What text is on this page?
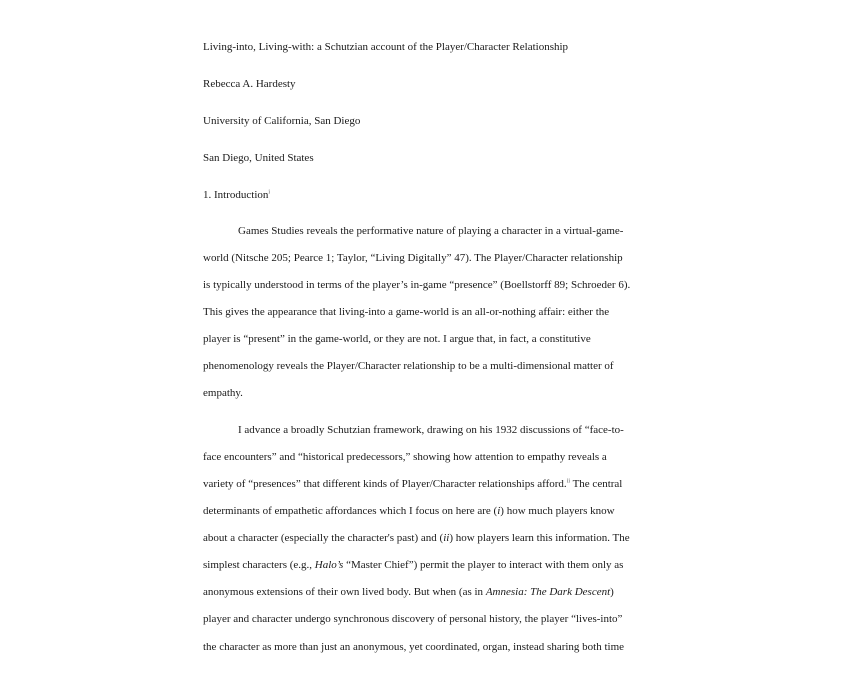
Living-into, Living-with: a Schutzian account of the Player/Character Relationship
Rebecca A. Hardesty
University of California, San Diego
San Diego, United States
1. Introduction$^i$
Games Studies reveals the performative nature of playing a character in a virtual-game-
world (Nitsche 205; Pearce 1; Taylor, “Living Digitally” 47). The Player/Character relationship
is typically understood in terms of the player’s in-game “presence” (Boellstorff 89; Schroeder 6).
This gives the appearance that living-into a game-world is an all-or-nothing affair: either the
player is “present” in the game-world, or they are not. I argue that, in fact, a constitutive
phenomenology reveals the Player/Character relationship to be a multi-dimensional matter of
empathy.
I advance a broadly Schutzian framework, drawing on his 1932 discussions of “face-to-
face encounters” and “historical predecessors,” showing how attention to empathy reveals a
variety of “presences” that different kinds of Player/Character relationships afford.$^{ii}$ The central
determinants of empathetic affordances which I focus on here are (i) how much players know
about a character (especially the character's past) and (ii) how players learn this information. The
simplest characters (e.g., Halo’s “Master Chief”) permit the player to interact with them only as
anonymous extensions of their own lived body. But when (as in Amnesia: The Dark Descent)
player and character undergo synchronous discovery of personal history, the player “lives-into”
the character as more than just an anonymous, yet coordinated, organ, instead sharing both time
